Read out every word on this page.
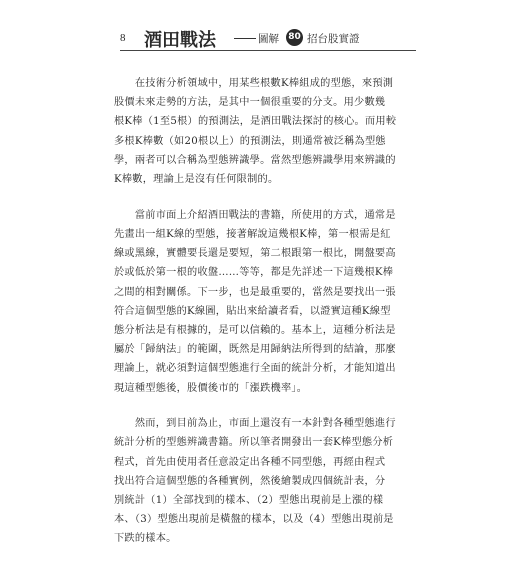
8 酒田戰法	圖解 80 招台股實證

　　在技術分析領域中，用某些根數K棒組成的型態，來預測
股價未來走勢的方法，是其中一個很重要的分支。用少數幾
根K棒（1至5根）的預測法，是酒田戰法探討的核心。而用較
多根K棒數（如20根以上）的預測法，則通常被泛稱為型態
學，兩者可以合稱為型態辨識學。當然型態辨識學用來辨識的
K棒數，理論上是沒有任何限制的。

　　當前市面上介紹酒田戰法的書籍，所使用的方式，通常是
先畫出一組K線的型態，接著解說這幾根K棒，第一根需是紅
線或黑線，實體要長還是要短，第二根跟第一根比，開盤要高
於或低於第一根的收盤……等等，都是先詳述一下這幾根K棒
之間的相對關係。下一步，也是最重要的，當然是要找出一張
符合這個型態的K線圖，貼出來給讀者看，以證實這種K線型
態分析法是有根據的，是可以信賴的。基本上，這種分析法是
屬於「歸納法」的範圍，既然是用歸納法所得到的結論，那麼
理論上，就必須對這個型態進行全面的統計分析，才能知道出
現這種型態後，股價後市的「漲跌機率」。

　　然而，到目前為止，市面上還沒有一本針對各種型態進行
統計分析的型態辨識書籍。所以筆者開發出一套K棒型態分析
程式，首先由使用者任意設定出各種不同型態，再經由程式
找出符合這個型態的各種實例，然後繪製成四個統計表，分
別統計（1）全部找到的樣本、（2）型態出現前是上漲的樣
本、（3）型態出現前是橫盤的樣本，以及（4）型態出現前是
下跌的樣本。
